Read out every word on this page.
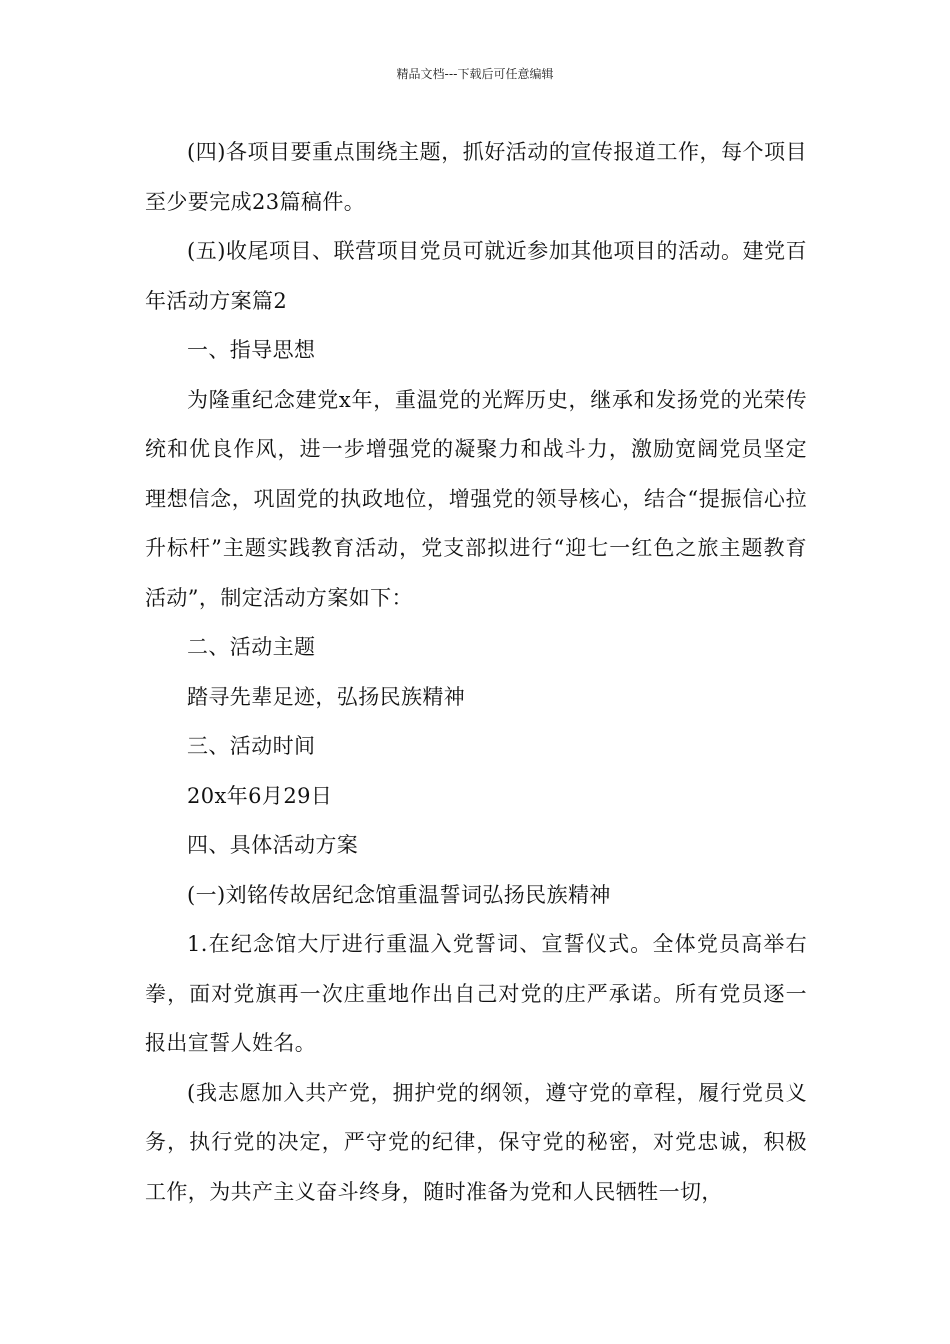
精品文档---下载后可任意编辑

(四)各项目要重点围绕主题，抓好活动的宣传报道工作，每个项目至少要完成23篇稿件。

(五)收尾项目、联营项目党员可就近参加其他项目的活动。建党百年活动方案篇2

一、指导思想

为隆重纪念建党x年，重温党的光辉历史，继承和发扬党的光荣传统和优良作风，进一步增强党的凝聚力和战斗力，激励宽阔党员坚定理想信念，巩固党的执政地位，增强党的领导核心，结合“提振信心拉升标杆”主题实践教育活动，党支部拟进行“迎七一红色之旅主题教育活动”，制定活动方案如下：

二、活动主题

踏寻先辈足迹，弘扬民族精神

三、活动时间

20x年6月29日

四、具体活动方案

(一)刘铭传故居纪念馆重温誓词弘扬民族精神

1.在纪念馆大厅进行重温入党誓词、宣誓仪式。全体党员高举右拳，面对党旗再一次庄重地作出自己对党的庄严承诺。所有党员逐一报出宣誓人姓名。

(我志愿加入共产党，拥护党的纲领，遵守党的章程，履行党员义务，执行党的决定，严守党的纪律，保守党的秘密，对党忠诚，积极工作，为共产主义奋斗终身，随时准备为党和人民牺牲一切，
